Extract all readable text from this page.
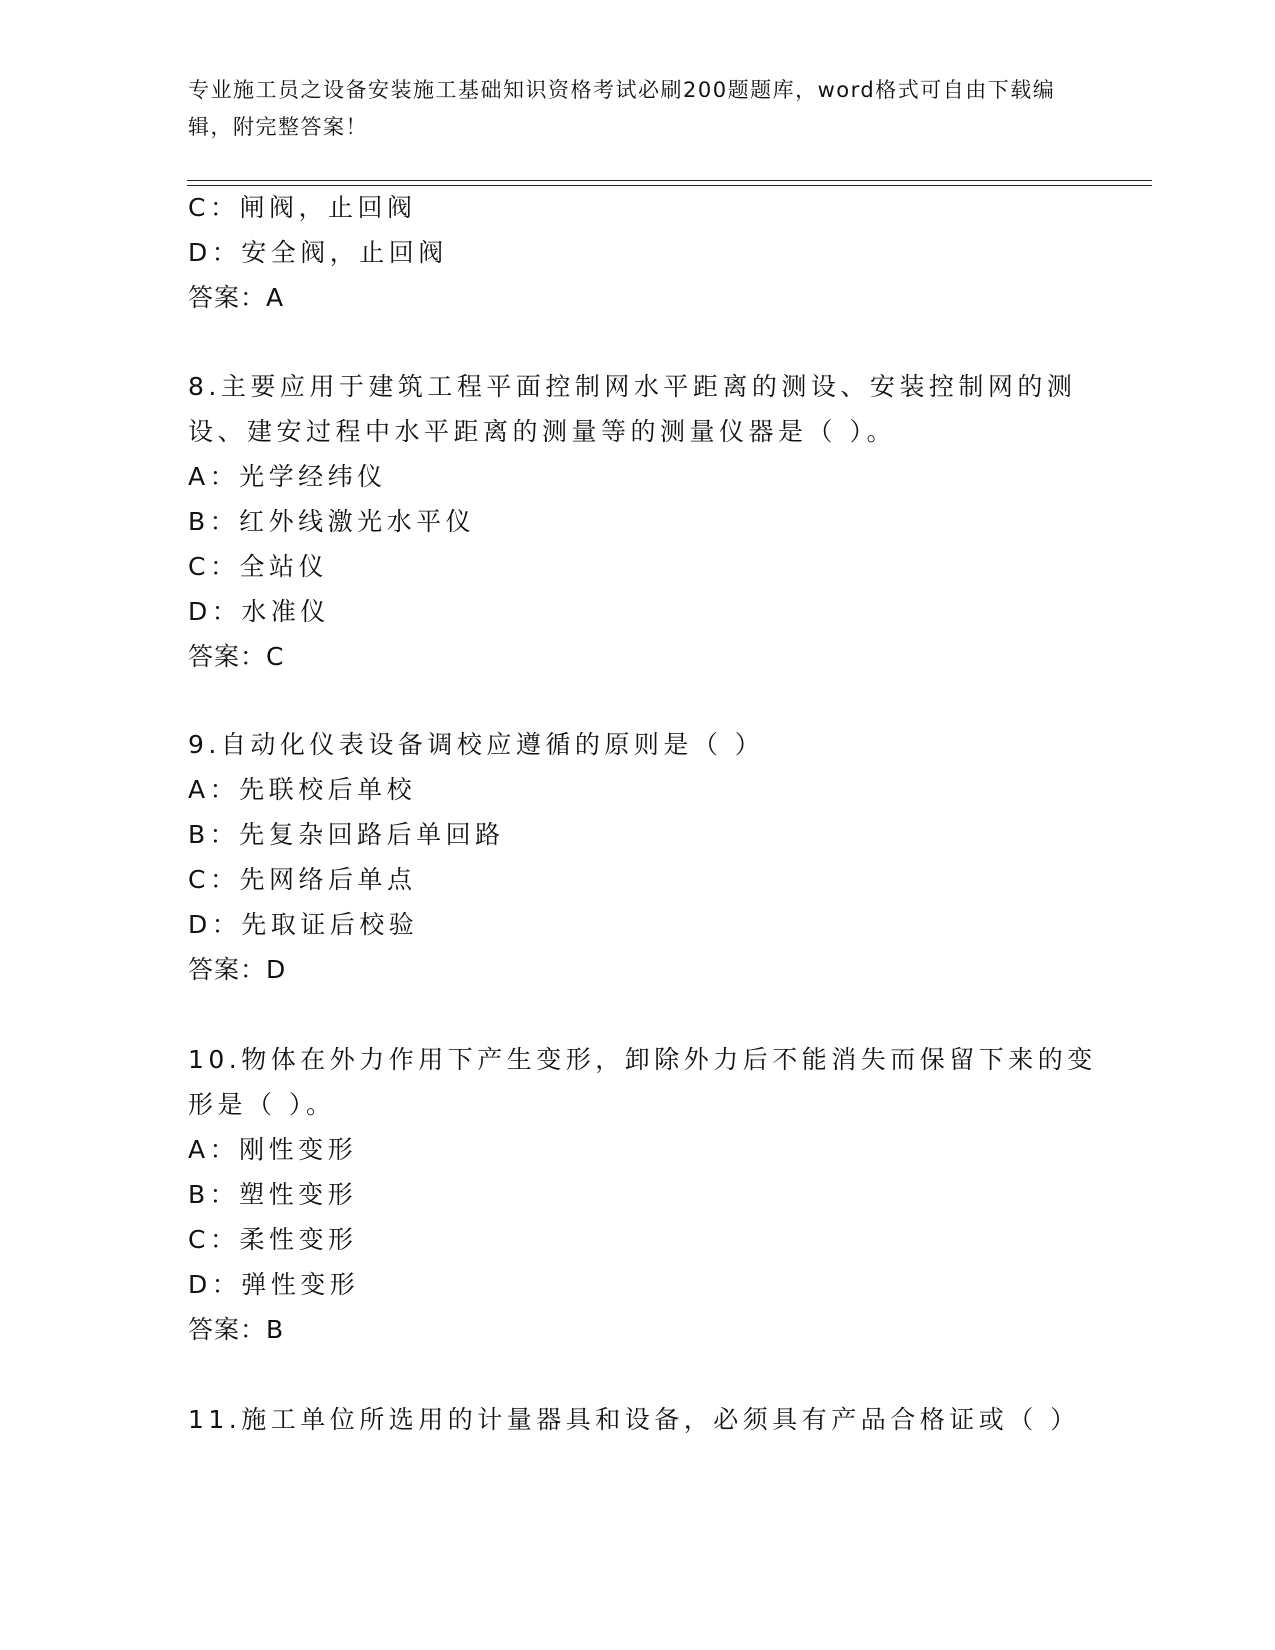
专业施工员之设备安装施工基础知识资格考试必刷200题题库，word格式可自由下载编辑，附完整答案！
C：闸阀，止回阀
D：安全阀，止回阀
答案：A
8.主要应用于建筑工程平面控制网水平距离的测设、安装控制网的测
设、建安过程中水平距离的测量等的测量仪器是（ ）。
A：光学经纬仪
B：红外线激光水平仪
C：全站仪
D：水准仪
答案：C
9.自动化仪表设备调校应遵循的原则是（ ）
A：先联校后单校
B：先复杂回路后单回路
C：先网络后单点
D：先取证后校验
答案：D
10.物体在外力作用下产生变形，卸除外力后不能消失而保留下来的变
形是（ ）。
A：刚性变形
B：塑性变形
C：柔性变形
D：弹性变形
答案：B
11.施工单位所选用的计量器具和设备，必须具有产品合格证或（ ）
